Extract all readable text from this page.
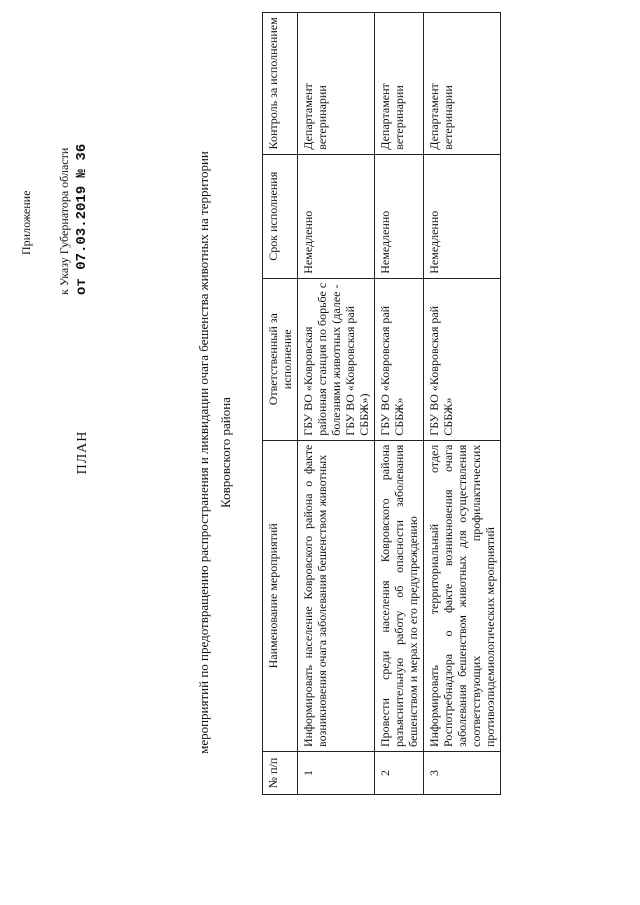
Приложение к Указу Губернатора области от 07.03.2019 № 36
ПЛАН	мероприятий по предотвращению распространения и ликвидации очага бешенства животных на территории Ковровского района
№ п/п	Наименование мероприятий	Ответственный за исполнение	Срок исполнения	Контроль за исполнением
1	Информировать население Ковровского района о факте возникновения очага заболевания бешенством животных	ГБУ ВО «Ковровская районная станция по борьбе с болезнями животных (далее - ГБУ ВО «Ковровская рай СББЖ»)	Немедленно	Департамент ветеринарии
2	Провести среди населения Ковровского района разъяснительную работу об опасности заболевания бешенством и мерах по его предупреждению	ГБУ ВО «Ковровская рай СББЖ»	Немедленно	Департамент ветеринарии
3	Информировать территориальный отдел Роспотребнадзора о факте возникновения очага заболевания бешенством животных для осуществления соответствующих профилактических противоэпидемиологических мероприятий	ГБУ ВО «Ковровская рай СББЖ»	Немедленно	Департамент ветеринарии
